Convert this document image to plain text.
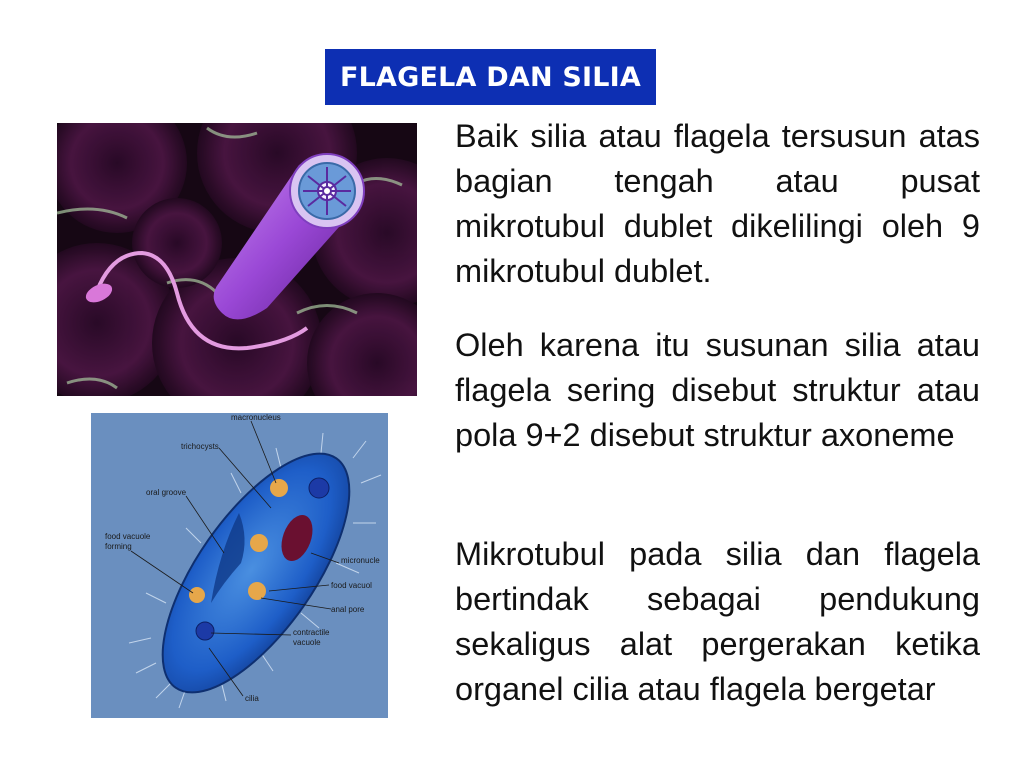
FLAGELA DAN SILIA
macronucleus
trichocysts
oral groove
food vacuole
forming
micronucle
food vacuol
anal pore
contractile
vacuole
cilia

Baik silia atau flagela tersusun atas bagian tengah atau pusat mikrotubul dublet dikelilingi oleh 9 mikrotubul dublet.

Oleh karena itu susunan silia atau flagela sering disebut struktur atau pola 9+2 disebut struktur axoneme

Mikrotubul pada silia dan flagela bertindak sebagai pendukung sekaligus alat pergerakan ketika organel cilia atau flagela bergetar
